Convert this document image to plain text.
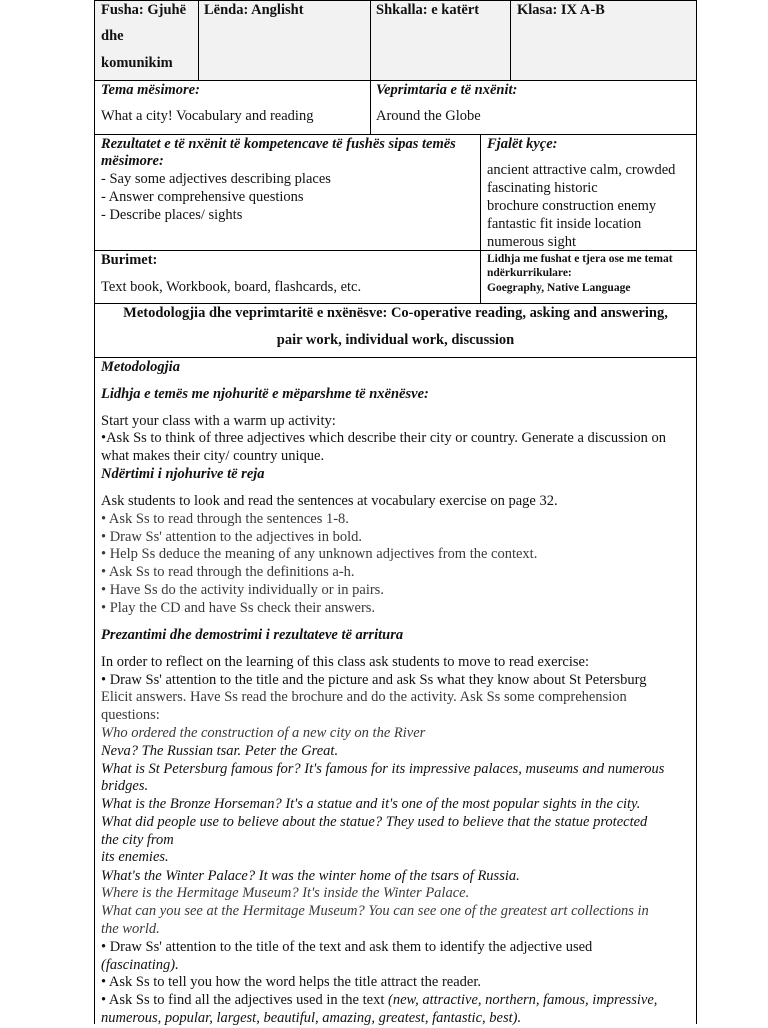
Fusha: Gjuhë
dhe
komunikim
Lënda: Anglisht	Shkalla: e katërt	Klasa: IX A-B
Tema mësimore:
What a city! Vocabulary and reading
Veprimtaria e të nxënit:
Around the Globe
Rezultatet e të nxënit të kompetencave të fushës sipas temës
mësimore:
- Say some adjectives describing places
- Answer comprehensive questions
- Describe places/ sights
Fjalët kyçe:
ancient attractive calm, crowded
fascinating historic
brochure construction enemy
fantastic fit inside location
numerous sight
Burimet:
Text book, Workbook, board, flashcards, etc.
Lidhja me fushat e tjera ose me temat
ndërkurrikulare:
Goegraphy, Native Language
Metodologjia dhe veprimtaritë e nxënësve: Co-operative reading, asking and answering,
pair work, individual work, discussion
Metodologjia
Lidhja e temës me njohuritë e mëparshme të nxënësve:
Start your class with a warm up activity:
•Ask Ss to think of three adjectives which describe their city or country. Generate a discussion on
what makes their city/ country unique.
Ndërtimi i njohurive të reja
Ask students to look and read the sentences at vocabulary exercise on page 32.
• Ask Ss to read through the sentences 1-8.
• Draw Ss' attention to the adjectives in bold.
• Help Ss deduce the meaning of any unknown adjectives from the context.
• Ask Ss to read through the definitions a-h.
• Have Ss do the activity individually or in pairs.
• Play the CD and have Ss check their answers.
Prezantimi dhe demostrimi i rezultateve të arritura
In order to reflect on the learning of this class ask students to move to read exercise:
• Draw Ss' attention to the title and the picture and ask Ss what they know about St Petersburg
Elicit answers. Have Ss read the brochure and do the activity. Ask Ss some comprehension
questions:
Who ordered the construction of a new city on the River
Neva? The Russian tsar. Peter the Great.
What is St Petersburg famous for? It's famous for its impressive palaces, museums and numerous
bridges.
What is the Bronze Horseman? It's a statue and it's one of the most popular sights in the city.
What did people use to believe about the statue? They used to believe that the statue protected
the city from
its enemies.
What's the Winter Palace? It was the winter home of the tsars of Russia.
Where is the Hermitage Museum? It's inside the Winter Palace.
What can you see at the Hermitage Museum? You can see one of the greatest art collections in
the world.
• Draw Ss' attention to the title of the text and ask them to identify the adjective used
(fascinating).
• Ask Ss to tell you how the word helps the title attract the reader.
• Ask Ss to find all the adjectives used in the text (new, attractive, northern, famous, impressive,
numerous, popular, largest, beautiful, amazing, greatest, fantastic, best).
